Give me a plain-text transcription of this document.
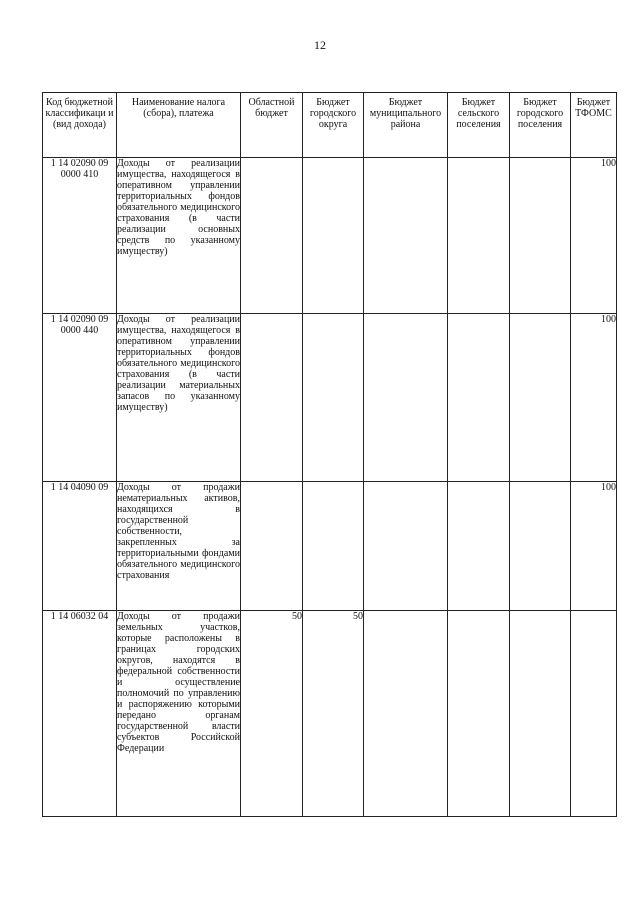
12
Код бюджетной классификаци и (вид дохода)	Наименование налога (сбора), платежа	Областной бюджет	Бюджет городского округа	Бюджет муниципального района	Бюджет сельского поселения	Бюджет городского поселения	Бюджет ТФОМС
1 14 02090 09 0000 410	Доходы от реализации имущества, находящегося в оперативном управлении территориальных фондов обязательного медицинского страхования (в части реализации основных средств по указанному имуществу)						100
1 14 02090 09 0000 440	Доходы от реализации имущества, находящегося в оперативном управлении территориальных фондов обязательного медицинского страхования (в части реализации материальных запасов по указанному имуществу)						100
1 14 04090 09	Доходы от продажи нематериальных активов, находящихся в государственной собственности, закрепленных за территориальными фондами обязательного медицинского страхования						100
1 14 06032 04	Доходы от продажи земельных участков, которые расположены в границах городских округов, находятся в федеральной собственности и осуществление полномочий по управлению и распоряжению которыми передано органам государственной власти субъектов Российской Федерации	50	50				
